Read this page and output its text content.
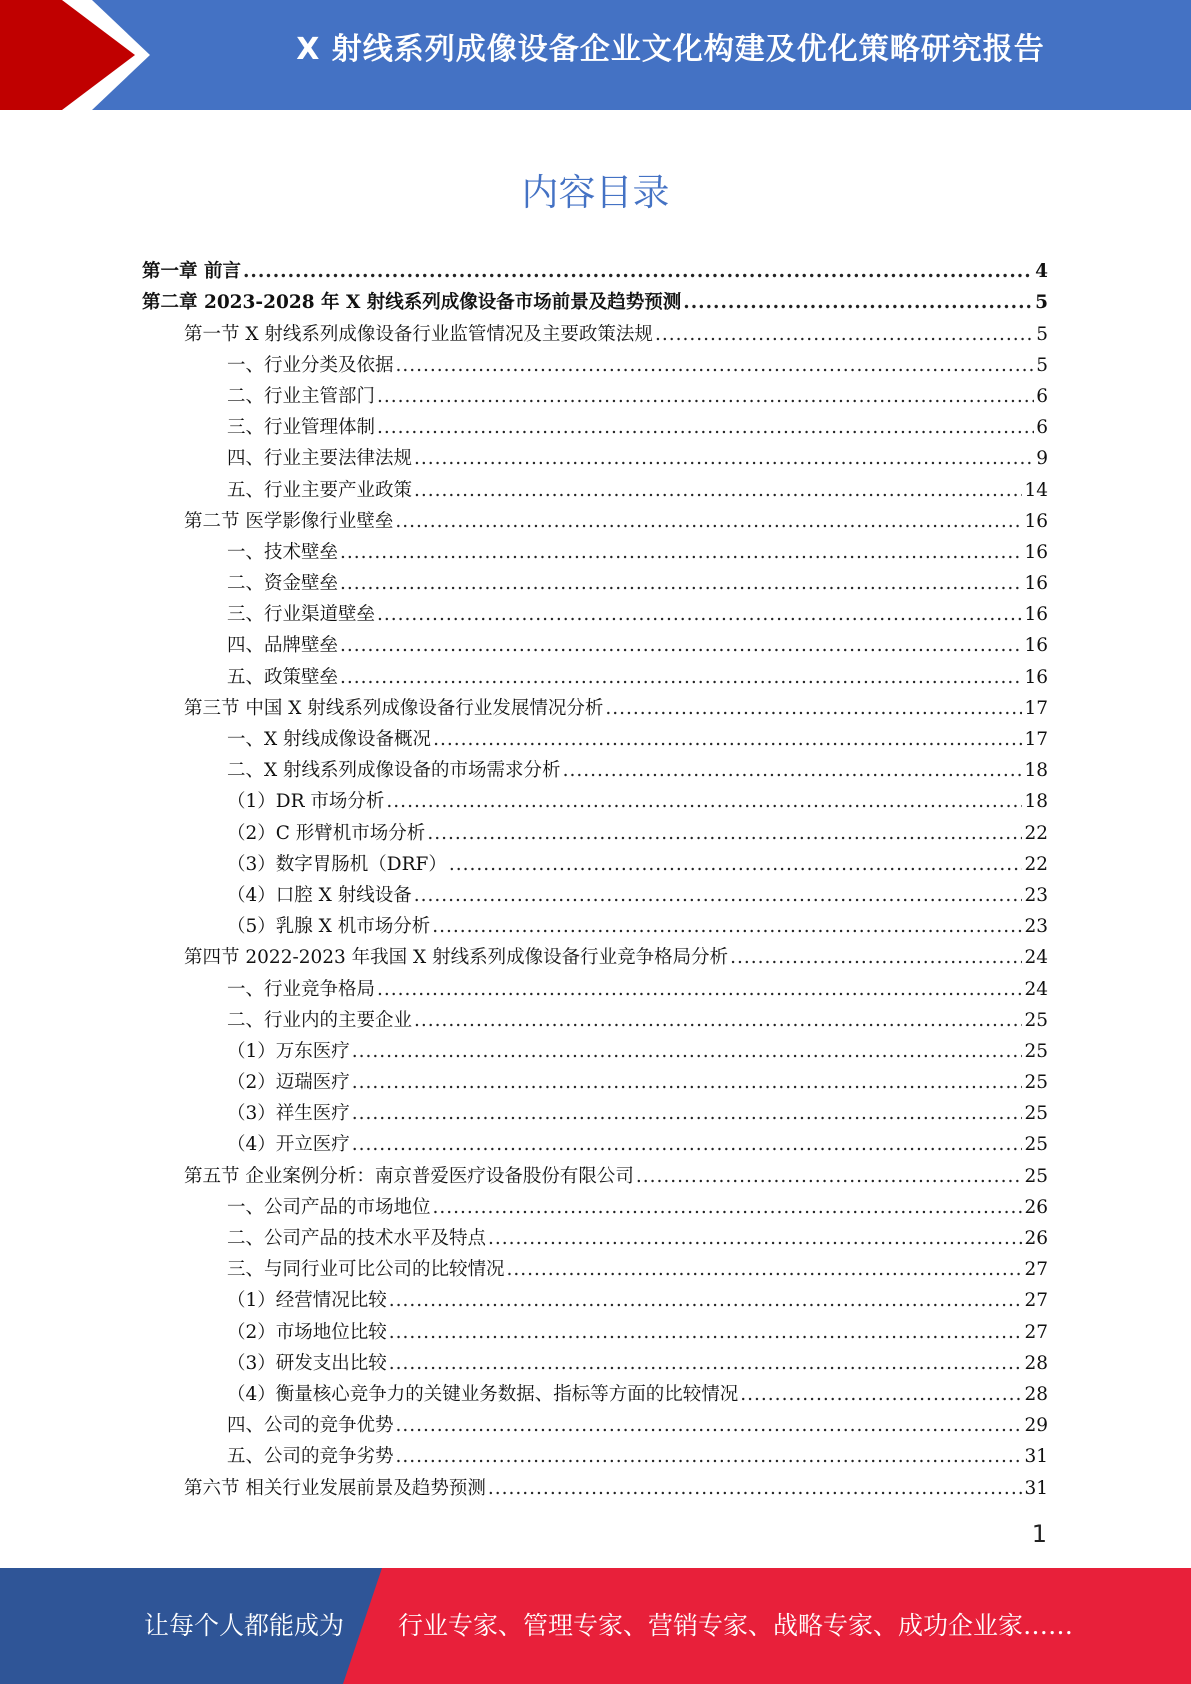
X 射线系列成像设备企业文化构建及优化策略研究报告
内容目录
第一章 前言 .....	4
第二章 2023-2028 年 X 射线系列成像设备市场前景及趋势预测 .....	5
第一节 X 射线系列成像设备行业监管情况及主要政策法规 .....	5
一、行业分类及依据 .....	5
二、行业主管部门 .....	6
三、行业管理体制 .....	6
四、行业主要法律法规 .....	9
五、行业主要产业政策 .....	14
第二节 医学影像行业壁垒 .....	16
一、技术壁垒 .....	16
二、资金壁垒 .....	16
三、行业渠道壁垒 .....	16
四、品牌壁垒 .....	16
五、政策壁垒 .....	16
第三节 中国 X 射线系列成像设备行业发展情况分析 .....	17
一、X 射线成像设备概况 .....	17
二、X 射线系列成像设备的市场需求分析 .....	18
（1）DR 市场分析 .....	18
（2）C 形臂机市场分析 .....	22
（3）数字胃肠机（DRF） .....	22
（4）口腔 X 射线设备 .....	23
（5）乳腺 X 机市场分析 .....	23
第四节 2022-2023 年我国 X 射线系列成像设备行业竞争格局分析 .....	24
一、行业竞争格局 .....	24
二、行业内的主要企业 .....	25
（1）万东医疗 .....	25
（2）迈瑞医疗 .....	25
（3）祥生医疗 .....	25
（4）开立医疗 .....	25
第五节 企业案例分析：南京普爱医疗设备股份有限公司 .....	25
一、公司产品的市场地位 .....	26
二、公司产品的技术水平及特点 .....	26
三、与同行业可比公司的比较情况 .....	27
（1）经营情况比较 .....	27
（2）市场地位比较 .....	27
（3）研发支出比较 .....	28
（4）衡量核心竞争力的关键业务数据、指标等方面的比较情况 .....	28
四、公司的竞争优势 .....	29
五、公司的竞争劣势 .....	31
第六节 相关行业发展前景及趋势预测 .....	31
1
让每个人都能成为 行业专家、管理专家、营销专家、战略专家、成功企业家……
